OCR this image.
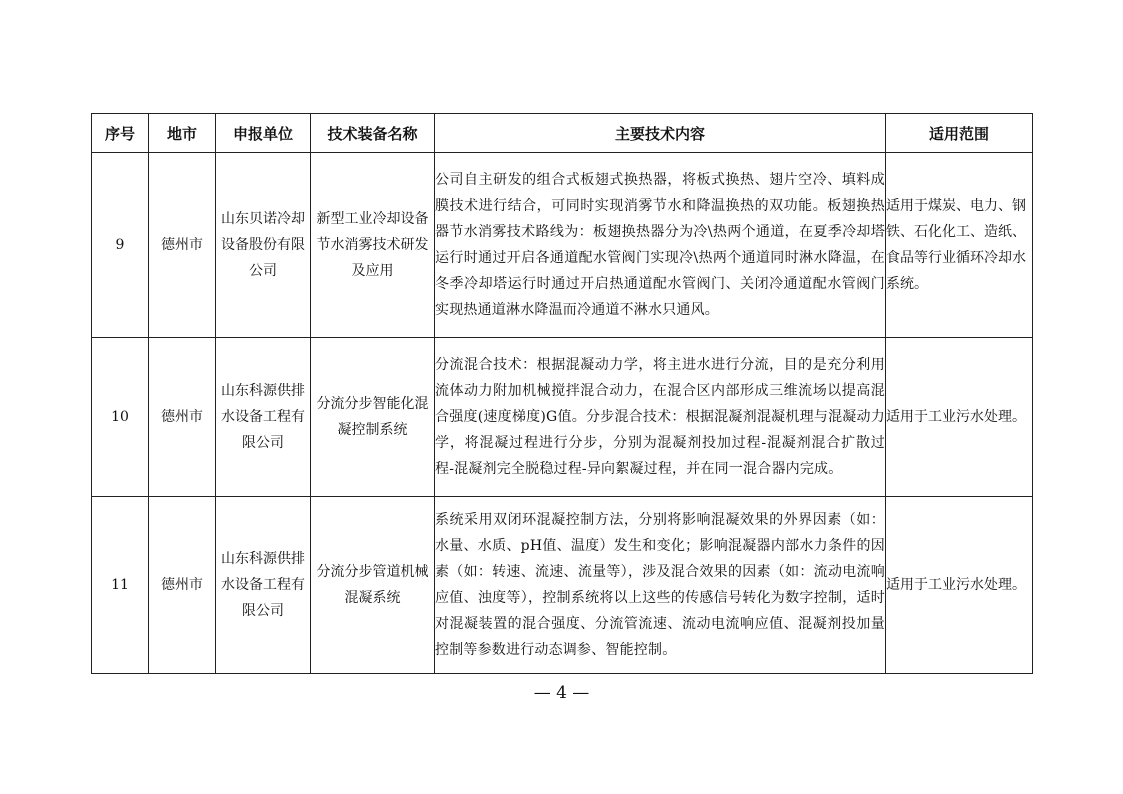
序号	地市	申报单位	技术装备名称	主要技术内容	适用范围
9	德州市	山东贝诺冷却设备股份有限公司	新型工业冷却设备节水消雾技术研发及应用	公司自主研发的组合式板翅式换热器，将板式换热、翅片空冷、填料成膜技术进行结合，可同时实现消雾节水和降温换热的双功能。板翅换热器节水消雾技术路线为：板翅换热器分为冷\热两个通道，在夏季冷却塔运行时通过开启各通道配水管阀门实现冷\热两个通道同时淋水降温，在冬季冷却塔运行时通过开启热通道配水管阀门、关闭冷通道配水管阀门实现热通道淋水降温而冷通道不淋水只通风。	适用于煤炭、电力、钢铁、石化化工、造纸、食品等行业循环冷却水系统。
10	德州市	山东科源供排水设备工程有限公司	分流分步智能化混凝控制系统	分流混合技术：根据混凝动力学，将主进水进行分流，目的是充分利用流体动力附加机械搅拌混合动力，在混合区内部形成三维流场以提高混合强度(速度梯度)G值。分步混合技术：根据混凝剂混凝机理与混凝动力学，将混凝过程进行分步，分别为混凝剂投加过程-混凝剂混合扩散过程-混凝剂完全脱稳过程-异向絮凝过程，并在同一混合器内完成。	适用于工业污水处理。
11	德州市	山东科源供排水设备工程有限公司	分流分步管道机械混凝系统	系统采用双闭环混凝控制方法，分别将影响混凝效果的外界因素（如：水量、水质、pH值、温度）发生和变化；影响混凝器内部水力条件的因素（如：转速、流速、流量等），涉及混合效果的因素（如：流动电流响应值、浊度等），控制系统将以上这些的传感信号转化为数字控制，适时对混凝装置的混合强度、分流管流速、流动电流响应值、混凝剂投加量控制等参数进行动态调参、智能控制。	适用于工业污水处理。
— 4 —
